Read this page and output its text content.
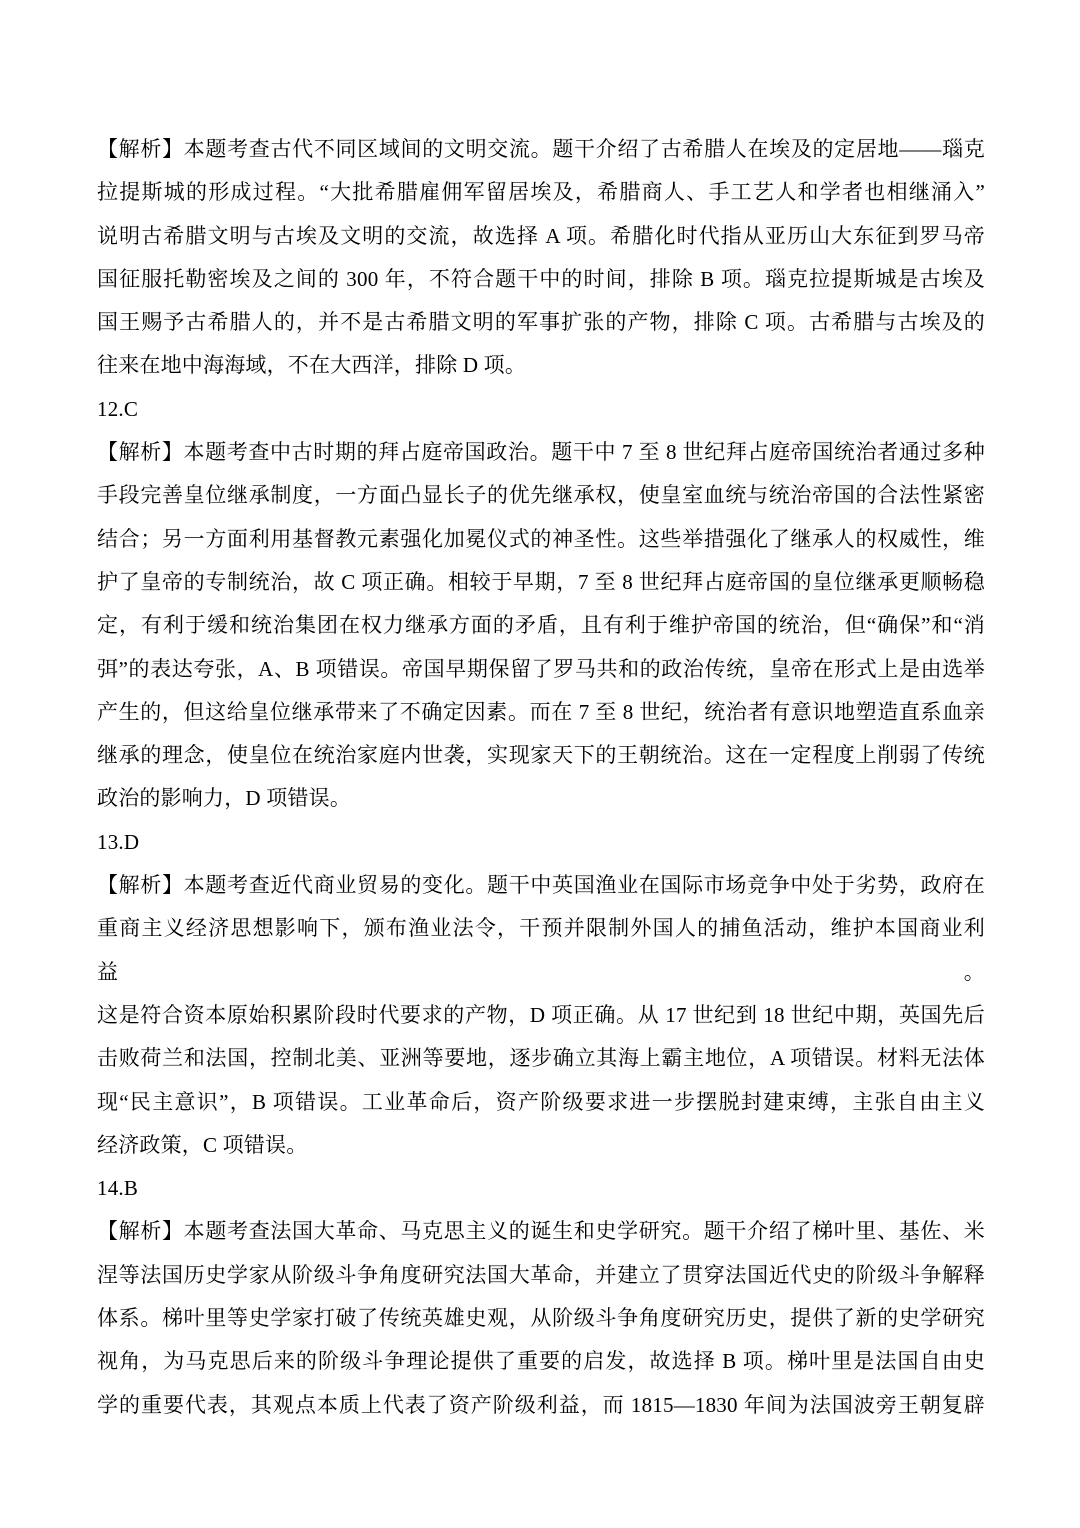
【解析】本题考查古代不同区域间的文明交流。题干介绍了古希腊人在埃及的定居地——瑙克
拉提斯城的形成过程。“大批希腊雇佣军留居埃及，希腊商人、手工艺人和学者也相继涌入”
说明古希腊文明与古埃及文明的交流，故选择 A 项。希腊化时代指从亚历山大东征到罗马帝
国征服托勒密埃及之间的 300 年，不符合题干中的时间，排除 B 项。瑙克拉提斯城是古埃及
国王赐予古希腊人的，并不是古希腊文明的军事扩张的产物，排除 C 项。古希腊与古埃及的
往来在地中海海域，不在大西洋，排除 D 项。
12.C
【解析】本题考查中古时期的拜占庭帝国政治。题干中 7 至 8 世纪拜占庭帝国统治者通过多种
手段完善皇位继承制度，一方面凸显长子的优先继承权，使皇室血统与统治帝国的合法性紧密
结合；另一方面利用基督教元素强化加冕仪式的神圣性。这些举措强化了继承人的权威性，维
护了皇帝的专制统治，故 C 项正确。相较于早期，7 至 8 世纪拜占庭帝国的皇位继承更顺畅稳
定，有利于缓和统治集团在权力继承方面的矛盾，且有利于维护帝国的统治，但“确保”和“消
弭”的表达夸张，A、B 项错误。帝国早期保留了罗马共和的政治传统，皇帝在形式上是由选举
产生的，但这给皇位继承带来了不确定因素。而在 7 至 8 世纪，统治者有意识地塑造直系血亲
继承的理念，使皇位在统治家庭内世袭，实现家天下的王朝统治。这在一定程度上削弱了传统
政治的影响力，D 项错误。
13.D
【解析】本题考查近代商业贸易的变化。题干中英国渔业在国际市场竞争中处于劣势，政府在
重商主义经济思想影响下，颁布渔业法令，干预并限制外国人的捕鱼活动，维护本国商业利益。
这是符合资本原始积累阶段时代要求的产物，D 项正确。从 17 世纪到 18 世纪中期，英国先后
击败荷兰和法国，控制北美、亚洲等要地，逐步确立其海上霸主地位，A 项错误。材料无法体
现“民主意识”，B 项错误。工业革命后，资产阶级要求进一步摆脱封建束缚，主张自由主义
经济政策，C 项错误。
14.B
【解析】本题考查法国大革命、马克思主义的诞生和史学研究。题干介绍了梯叶里、基佐、米
涅等法国历史学家从阶级斗争角度研究法国大革命，并建立了贯穿法国近代史的阶级斗争解释
体系。梯叶里等史学家打破了传统英雄史观，从阶级斗争角度研究历史，提供了新的史学研究
视角，为马克思后来的阶级斗争理论提供了重要的启发，故选择 B 项。梯叶里是法国自由史
学的重要代表，其观点本质上代表了资产阶级利益，而 1815—1830 年间为法国波旁王朝复辟
